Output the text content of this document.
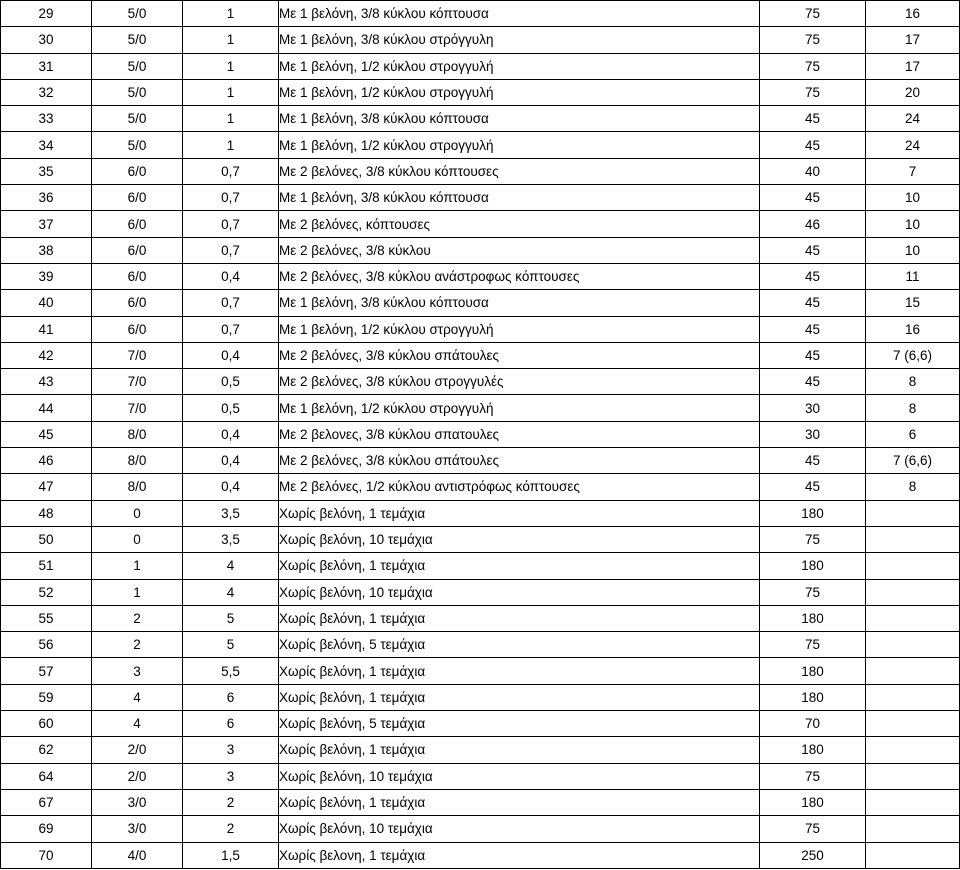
29	5/0	1	Με 1 βελόνη, 3/8 κύκλου κόπτουσα	75	16
30	5/0	1	Με 1 βελόνη, 3/8 κύκλου στρόγγυλη	75	17
31	5/0	1	Με 1 βελόνη, 1/2 κύκλου στρογγυλή	75	17
32	5/0	1	Με 1 βελόνη, 1/2 κύκλου στρογγυλή	75	20
33	5/0	1	Με 1 βελόνη, 3/8 κύκλου κόπτουσα	45	24
34	5/0	1	Με 1 βελόνη, 1/2 κύκλου στρογγυλή	45	24
35	6/0	0,7	Με 2 βελόνες, 3/8 κύκλου κόπτουσες	40	7
36	6/0	0,7	Με 1 βελόνη, 3/8 κύκλου κόπτουσα	45	10
37	6/0	0,7	Με 2 βελόνες, κόπτουσες	46	10
38	6/0	0,7	Με 2 βελόνες, 3/8 κύκλου	45	10
39	6/0	0,4	Με 2 βελόνες, 3/8 κύκλου ανάστροφως κόπτουσες	45	11
40	6/0	0,7	Με 1 βελόνη, 3/8 κύκλου κόπτουσα	45	15
41	6/0	0,7	Με 1 βελόνη, 1/2 κύκλου στρογγυλή	45	16
42	7/0	0,4	Με 2 βελόνες, 3/8 κύκλου σπάτουλες	45	7 (6,6)
43	7/0	0,5	Με 2 βελόνες, 3/8 κύκλου στρογγυλές	45	8
44	7/0	0,5	Με 1 βελόνη, 1/2 κύκλου στρογγυλή	30	8
45	8/0	0,4	Με 2 βελονες, 3/8 κύκλου σπατουλες	30	6
46	8/0	0,4	Με 2 βελόνες, 3/8 κύκλου σπάτουλες	45	7 (6,6)
47	8/0	0,4	Με 2 βελόνες, 1/2 κύκλου αντιστρόφως κόπτουσες	45	8
48	0	3,5	Χωρίς βελόνη, 1 τεμάχια	180	
50	0	3,5	Χωρίς βελόνη, 10 τεμάχια	75	
51	1	4	Χωρίς βελόνη, 1 τεμάχια	180	
52	1	4	Χωρίς βελόνη, 10 τεμάχια	75	
55	2	5	Χωρίς βελόνη, 1 τεμάχια	180	
56	2	5	Χωρίς βελόνη, 5 τεμάχια	75	
57	3	5,5	Χωρίς βελόνη, 1 τεμάχια	180	
59	4	6	Χωρίς βελόνη, 1 τεμάχια	180	
60	4	6	Χωρίς βελόνη, 5 τεμάχια	70	
62	2/0	3	Χωρίς βελόνη, 1 τεμάχια	180	
64	2/0	3	Χωρίς βελόνη, 10 τεμάχια	75	
67	3/0	2	Χωρίς βελόνη, 1 τεμάχια	180	
69	3/0	2	Χωρίς βελόνη, 10 τεμάχια	75	
70	4/0	1,5	Χωρίς βελονη, 1 τεμάχια	250	
